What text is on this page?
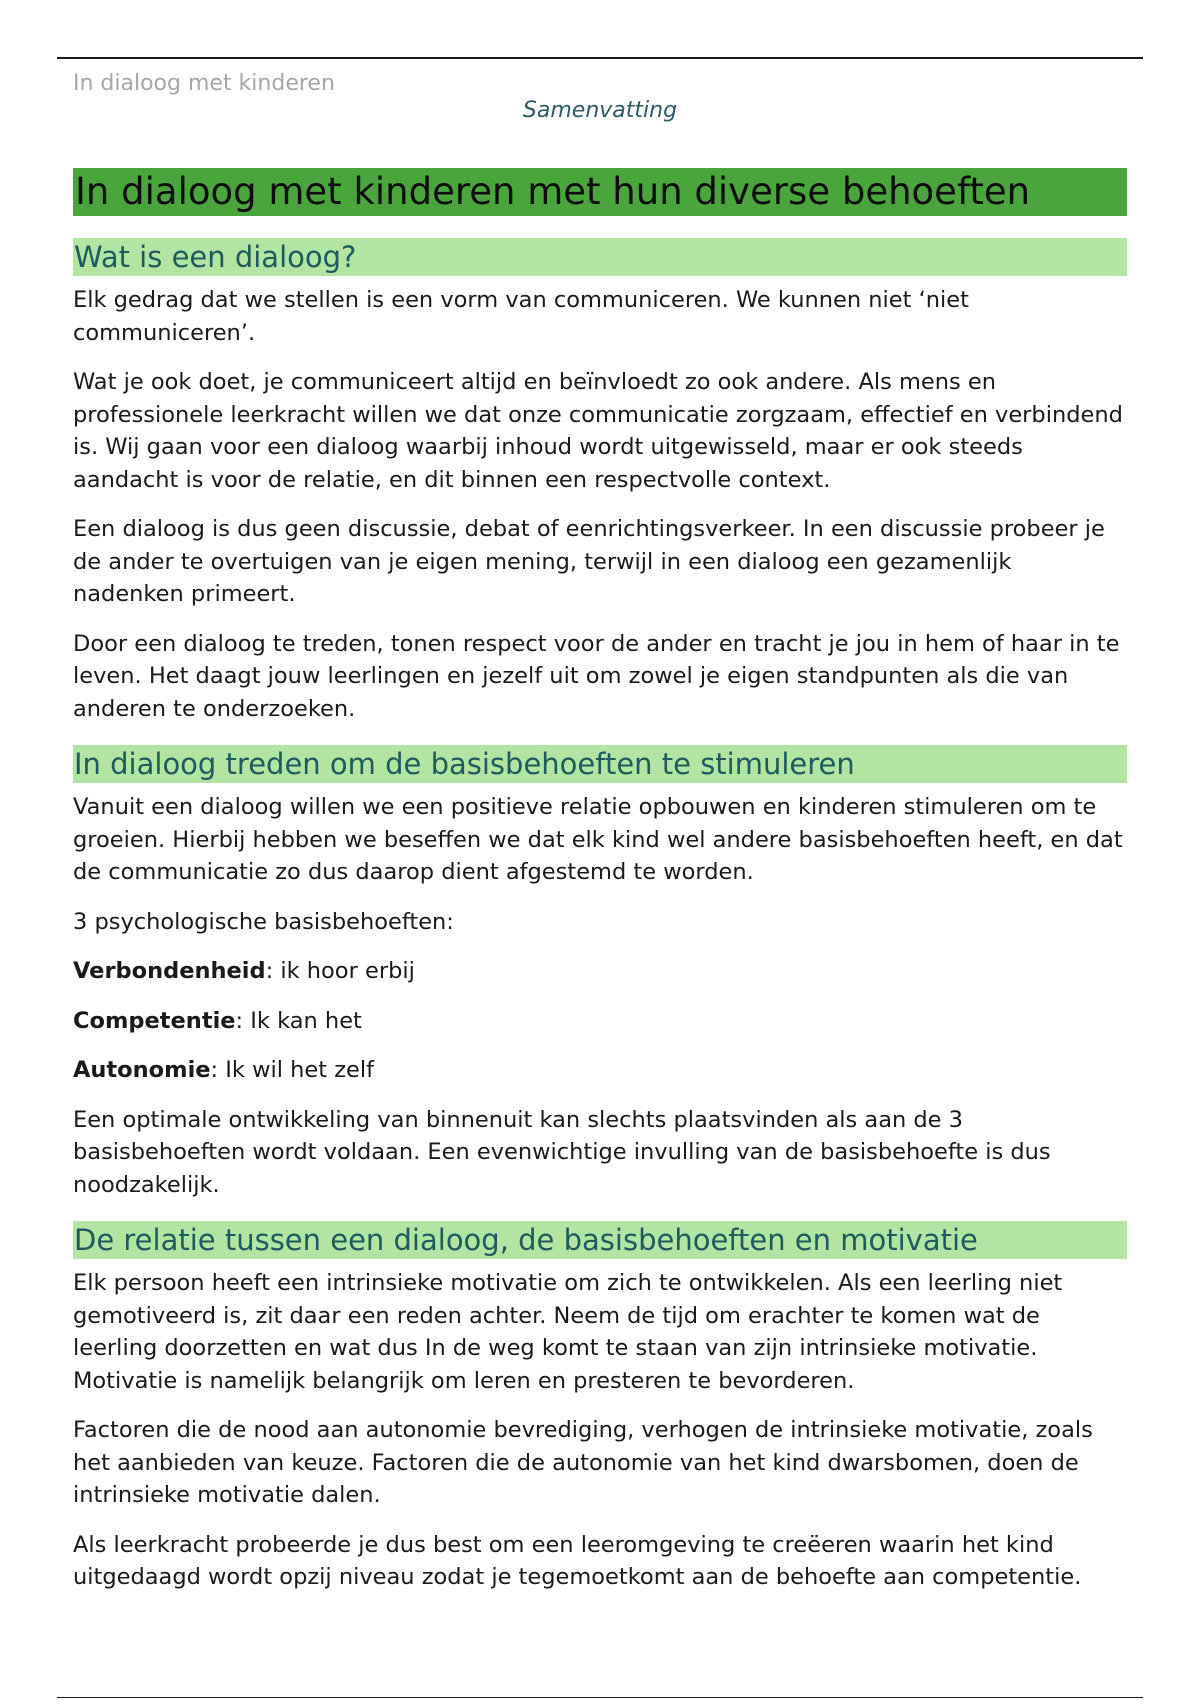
In dialoog met kinderen
Samenvatting
In dialoog met kinderen met hun diverse behoeften
Wat is een dialoog?

Elk gedrag dat we stellen is een vorm van communiceren. We kunnen niet ‘niet communiceren’.

Wat je ook doet, je communiceert altijd en beïnvloedt zo ook andere. Als mens en professionele leerkracht willen we dat onze communicatie zorgzaam, effectief en verbindend is. Wij gaan voor een dialoog waarbij inhoud wordt uitgewisseld, maar er ook steeds aandacht is voor de relatie, en dit binnen een respectvolle context.

Een dialoog is dus geen discussie, debat of eenrichtingsverkeer. In een discussie probeer je de ander te overtuigen van je eigen mening, terwijl in een dialoog een gezamenlijk nadenken primeert.

Door een dialoog te treden, tonen respect voor de ander en tracht je jou in hem of haar in te leven. Het daagt jouw leerlingen en jezelf uit om zowel je eigen standpunten als die van anderen te onderzoeken.

In dialoog treden om de basisbehoeften te stimuleren

Vanuit een dialoog willen we een positieve relatie opbouwen en kinderen stimuleren om te groeien. Hierbij hebben we beseffen we dat elk kind wel andere basisbehoeften heeft, en dat de communicatie zo dus daarop dient afgestemd te worden.

3 psychologische basisbehoeften:

Verbondenheid: ik hoor erbij

Competentie: Ik kan het

Autonomie: Ik wil het zelf

Een optimale ontwikkeling van binnenuit kan slechts plaatsvinden als aan de 3 basisbehoeften wordt voldaan. Een evenwichtige invulling van de basisbehoefte is dus noodzakelijk.

De relatie tussen een dialoog, de basisbehoeften en motivatie

Elk persoon heeft een intrinsieke motivatie om zich te ontwikkelen. Als een leerling niet gemotiveerd is, zit daar een reden achter. Neem de tijd om erachter te komen wat de leerling doorzetten en wat dus In de weg komt te staan van zijn intrinsieke motivatie. Motivatie is namelijk belangrijk om leren en presteren te bevorderen.

Factoren die de nood aan autonomie bevrediging, verhogen de intrinsieke motivatie, zoals het aanbieden van keuze. Factoren die de autonomie van het kind dwarsbomen, doen de intrinsieke motivatie dalen.

Als leerkracht probeerde je dus best om een leeromgeving te creëeren waarin het kind uitgedaagd wordt opzij niveau zodat je tegemoetkomt aan de behoefte aan competentie.
